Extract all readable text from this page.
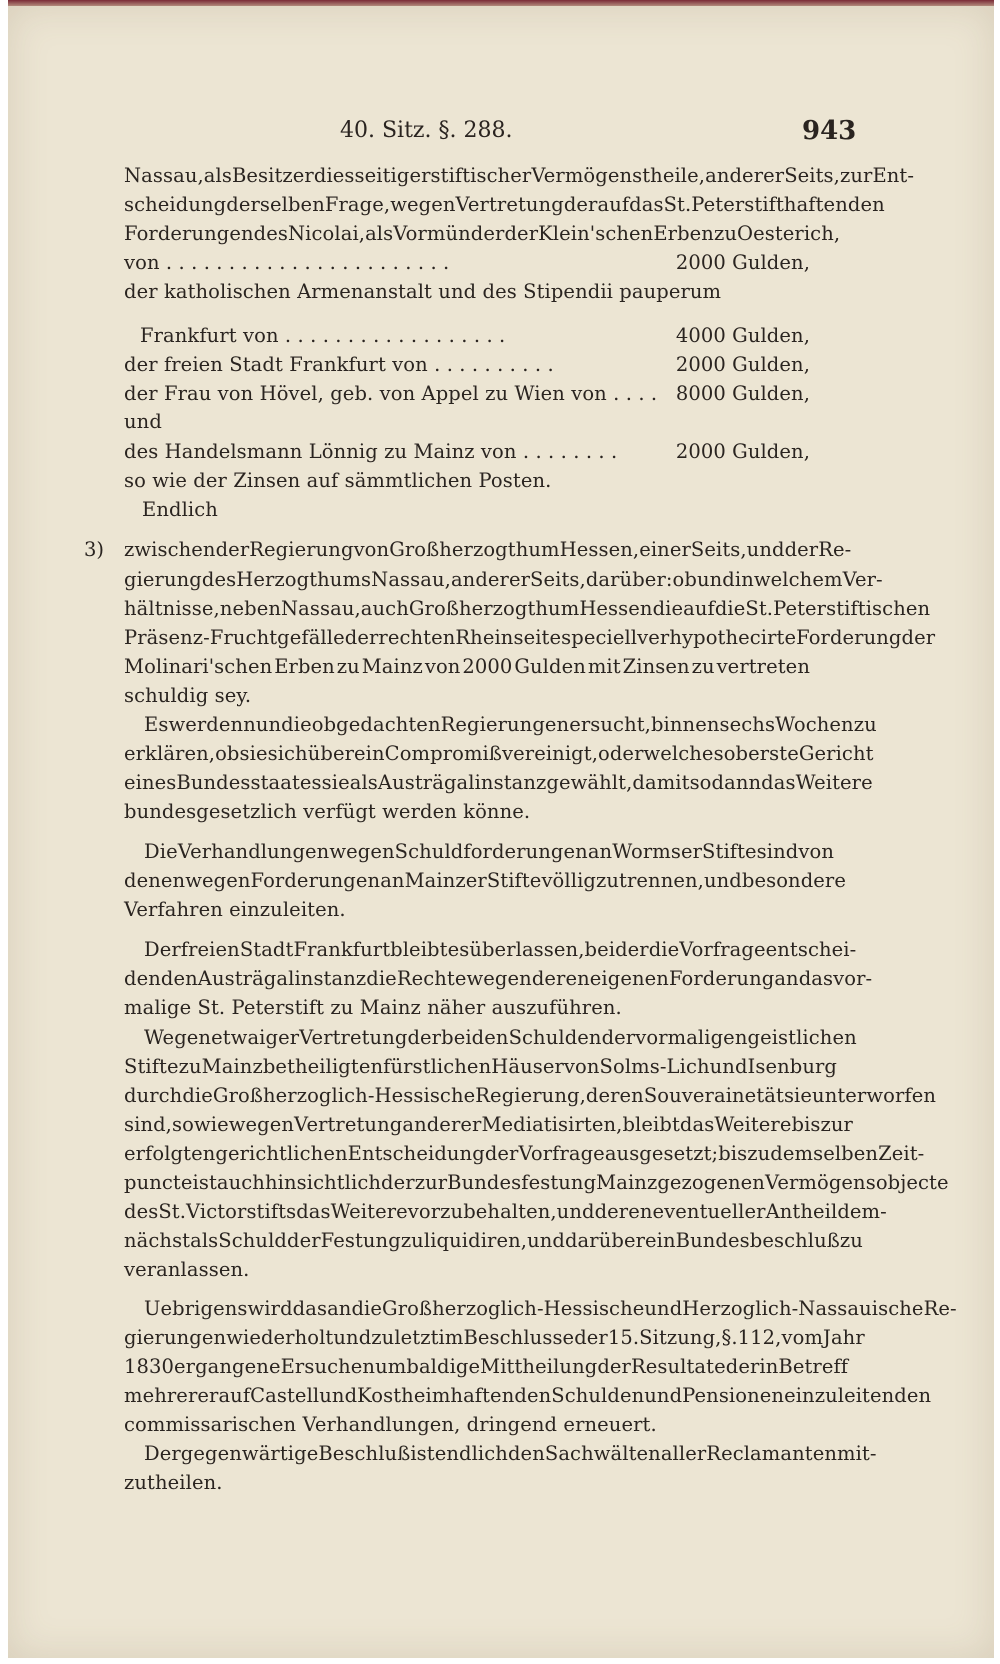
40. Sitz. §. 288.	943
Nassau, als Besitzer diesseitiger stiftischer Vermögenstheile, anderer Seits, zur Ent-
scheidung derselben Frage, wegen Vertretung der auf das St. Peterstift haftenden
Forderungen des Nicolai, als Vormünder der Klein'schen Erben zu Oesterich,
von . . . . . . . . . . . . . . . . . . . . . . .	2000 Gulden,
der katholischen Armenanstalt und des Stipendii pauperum
Frankfurt von . . . . . . . . . . . . . . . . . .	4000 Gulden,
der freien Stadt Frankfurt von . . . . . . . . . .	2000 Gulden,
der Frau von Hövel, geb. von Appel zu Wien von . . . . 8000 Gulden,
und
des Handelsmann Lönnig zu Mainz von . . . . . . . .	2000 Gulden,
so wie der Zinsen auf sämmtlichen Posten.
Endlich
3) zwischen der Regierung von Großherzogthum Hessen, einer Seits, und der Re-
gierung des Herzogthums Nassau, anderer Seits, darüber: ob und in welchem Ver-
hältnisse, neben Nassau, auch Großherzogthum Hessen die auf die St. Peterstiftischen
Präsenz-Fruchtgefälle der rechten Rheinseite speciell verhypothecirte Forderung der
Molinari'schen Erben zu Mainz von 2000 Gulden mit Zinsen zu vertreten
schuldig sey.
Es werden nun die obgedachten Regierungen ersucht, binnen sechs Wochen zu
erklären, ob sie sich über ein Compromiß vereinigt, oder welches oberste Gericht
eines Bundesstaates sie als Austrägalinstanz gewählt, damit sodann das Weitere
bundesgesetzlich verfügt werden könne.
Die Verhandlungen wegen Schuldforderungen an Wormser Stifte sind von
denen wegen Forderungen an Mainzer Stifte völlig zu trennen, und besondere
Verfahren einzuleiten.
Der freien Stadt Frankfurt bleibt es überlassen, bei der die Vorfrage entschei-
denden Austrägalinstanz die Rechte wegen deren eigenen Forderung an das vor-
malige St. Peterstift zu Mainz näher auszuführen.
Wegen etwaiger Vertretung der bei den Schulden der vormaligen geistlichen
Stifte zu Mainz betheiligten fürstlichen Häuser von Solms-Lich und Isenburg
durch die Großherzoglich-Hessische Regierung, deren Souverainetät sie unterworfen
sind, so wie wegen Vertretung anderer Mediatisirten, bleibt das Weitere bis zur
erfolgten gerichtlichen Entscheidung der Vorfrage ausgesetzt; bis zu demselben Zeit-
puncte ist auch hinsichtlich der zur Bundesfestung Mainz gezogenen Vermögensobjecte
des St. Victorstifts das Weitere vorzubehalten, und deren eventueller Antheil dem-
nächst als Schuld der Festung zu liquidiren, und darüber ein Bundesbeschluß zu
veranlassen.
Uebrigens wird das an die Großherzoglich-Hessische und Herzoglich-Nassauische Re-
gierungen wiederholt und zuletzt im Beschlusse der 15. Sitzung, §. 112, vom Jahr
1830 ergangene Ersuchen um baldige Mittheilung der Resultate der in Betreff
mehrerer auf Castell und Kostheim haftenden Schulden und Pensionen einzuleitenden
commissarischen Verhandlungen, dringend erneuert.
Der gegenwärtige Beschluß ist endlich den Sachwälten aller Reclamanten mit-
zutheilen.
